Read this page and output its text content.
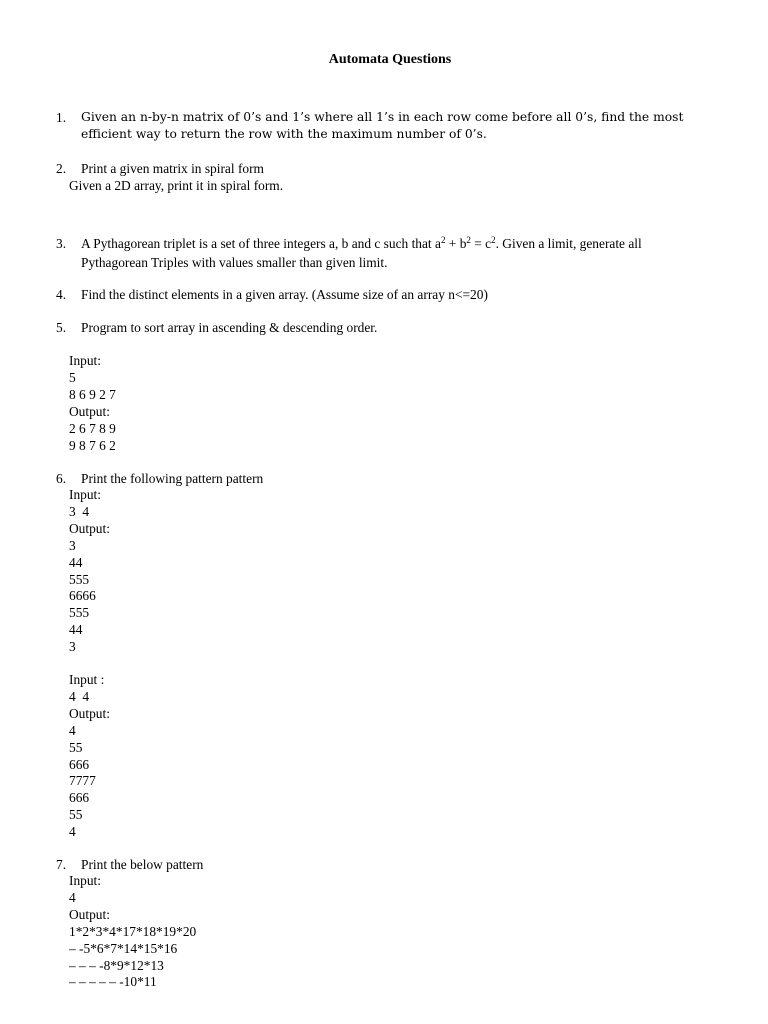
Automata Questions
1. Given an n-by-n matrix of 0’s and 1’s where all 1’s in each row come before all 0’s, find the most
efficient way to return the row with the maximum number of 0’s.
2. Print a given matrix in spiral form
Given a 2D array, print it in spiral form.
3. A Pythagorean triplet is a set of three integers a, b and c such that $a^2 + b^2 = c^2$. Given a limit, generate all
Pythagorean Triples with values smaller than given limit.
4. Find the distinct elements in a given array. (Assume size of an array n<=20)
5. Program to sort array in ascending & descending order.
Input:
5
8 6 9 2 7
Output:
2 6 7 8 9
9 8 7 6 2
6. Print the following pattern pattern
Input:
3  4
Output:
3
44
555
6666
555
44
3
Input :
4  4
Output:
4
55
666
7777
666
55
4
7. Print the below pattern
Input:
4
Output:
1*2*3*4*17*18*19*20
– -5*6*7*14*15*16
– – – -8*9*12*13
– – – – – -10*11
